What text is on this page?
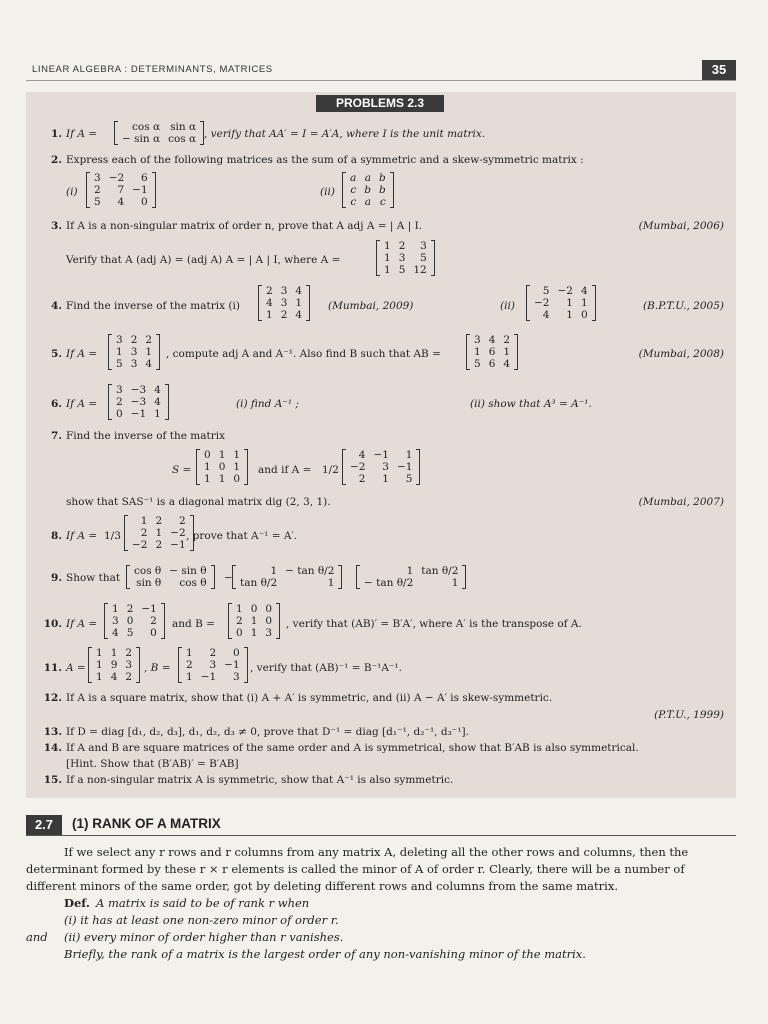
LINEAR ALGEBRA : DETERMINANTS, MATRICES	35
PROBLEMS 2.3
1. If A =
cos α	sin α
− sin α	cos α , verify that AA′ = I = A′A, where I is the unit matrix.
2. Express each of the following matrices as the sum of a symmetric and a skew-symmetric matrix :
(i)
3	−2	6
2	7	−1
5	4	0
(ii)
a	a	b
c	b	b
c	a	c
3. If A is a non-singular matrix of order n, prove that A adj A = | A | I.	(Mumbai, 2006)
Verify that A (adj A) = (adj A) A = | A | I, where A =
1	2	3
1	3	5
1	5	12
4. Find the inverse of the matrix (i)
2	3	4
4	3	1
1	2	4
(Mumbai, 2009)	(ii)
5	−2	4
−2	1	1
4	1	0
(B.P.T.U., 2005)
5. If A =
3	2	2
1	3	1
5	3	4
, compute adj A and A⁻¹. Also find B such that AB =
3	4	2
1	6	1
5	6	4
(Mumbai, 2008)
6. If A =
3	−3	4
2	−3	4
0	−1	1
(i) find A⁻¹ ;	(ii) show that A³ = A⁻¹.
7. Find the inverse of the matrix
S =
0	1	1
1	0	1
1	1	0
and if A = 1/2
4	−1	1
−2	3	−1
2	1	5
show that SAS⁻¹ is a diagonal matrix dig (2, 3, 1).	(Mumbai, 2007)
8. If A = 1/3
1	2	2
2	1	−2
−2	2	−1
, prove that A⁻¹ = A′.
9. Show that
cos θ	− sin θ
sin θ	cos θ −
1	− tan θ/2
tan θ/2	1
1	tan θ/2
− tan θ/2	1
10. If A =
1	2	−1
3	0	2
4	5	0
and B =
1	0	0
2	1	0
0	1	3
, verify that (AB)′ = B′A′, where A′ is the transpose of A.
11. A =
1	1	2
1	9	3
1	4	2
, B =
1	2	0
2	3	−1
1	−1	3
, verify that (AB)⁻¹ = B⁻¹A⁻¹.
12. If A is a square matrix, show that (i) A + A′ is symmetric, and (ii) A − A′ is skew-symmetric.
(P.T.U., 1999)
13. If D = diag [d₁, d₂, d₃], d₁, d₂, d₃ ≠ 0, prove that D⁻¹ = diag [d₁⁻¹, d₂⁻¹, d₃⁻¹].
14. If A and B are square matrices of the same order and A is symmetrical, show that B′AB is also symmetrical.
[Hint. Show that (B′AB)′ = B′AB]
15. If a non-singular matrix A is symmetric, show that A⁻¹ is also symmetric.
2.7	(1) RANK OF A MATRIX
If we select any r rows and r columns from any matrix A, deleting all the other rows and columns, then the
determinant formed by these r × r elements is called the minor of A of order r. Clearly, there will be a number of
different minors of the same order, got by deleting different rows and columns from the same matrix.
Def. A matrix is said to be of rank r when
(i) it has at least one non-zero minor of order r.
and (ii) every minor of order higher than r vanishes.
Briefly, the rank of a matrix is the largest order of any non-vanishing minor of the matrix.
